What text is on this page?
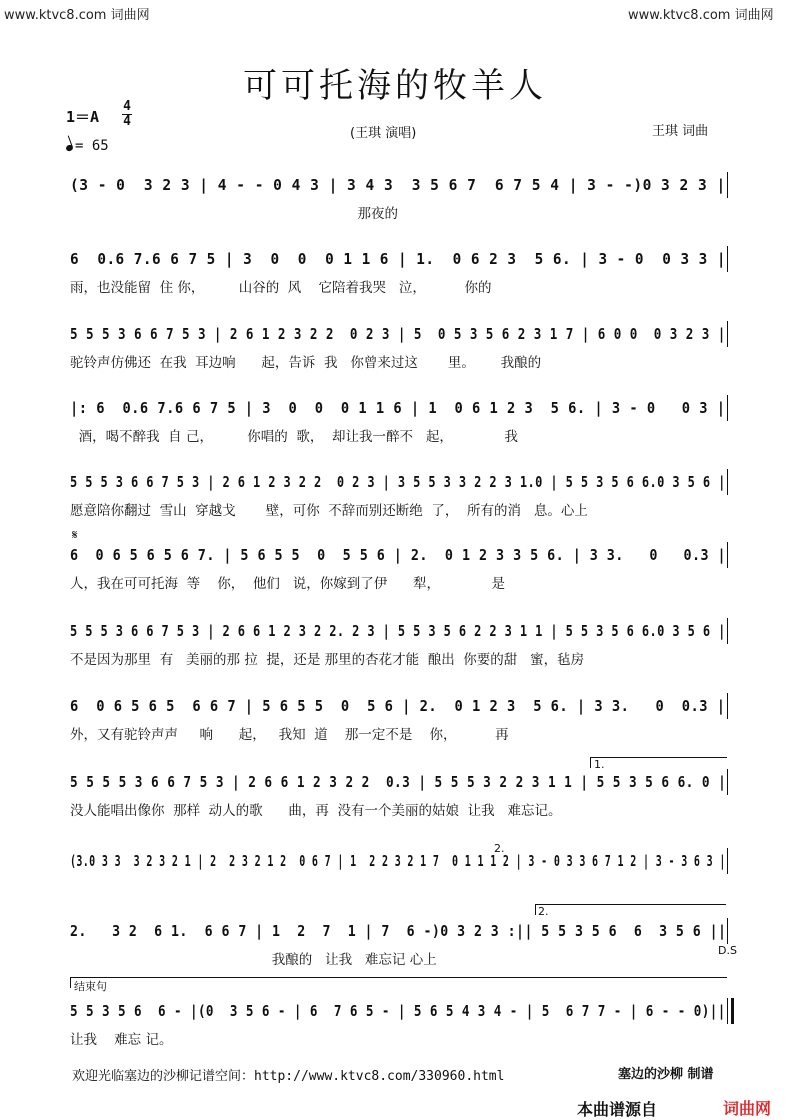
www.ktvc8.com 词曲网	www.ktvc8.com 词曲网
可可托海的牧羊人
1＝A
4
4
= 65
(王琪 演唱)	王琪 词曲
(3 - 0  3 2 3 | 4 - - 0 4 3 | 3 4 3  3 5 6 7  6 7 5 4 | 3 - -)0 3 2 3 |
那夜的
6  0.6 7.6 6 7 5 | 3  0  0  0 1 1 6 | 1.  0 6 2 3  5 6. | 3 - 0  0 3 3 |
雨，也没能留  住 你，        山谷的  风    它陪着我哭   泣，         你的
5 5 5 3 6 6 7 5 3 | 2 6 1 2 3 2 2  0 2 3 | 5  0 5 3 5 6 2 3 1 7 | 6 0 0  0 3 2 3 |
驼铃声仿佛还  在我  耳边响      起，告诉  我   你曾来过这       里。      我酿的
|: 6  0.6 7.6 6 7 5 | 3  0  0  0 1 1 6 | 1  0 6 1 2 3  5 6. | 3 - 0   0 3 |
酒，喝不醉我  自 己，        你唱的  歌，  却让我一醉不   起，            我
5 5 5 3 6 6 7 5 3 | 2 6 1 2 3 2 2  0 2 3 | 3 5 5 3 3 2 2 3 1.0 | 5 5 3 5 6 6.0 3 5 6 |
愿意陪你翻过  雪山  穿越戈       壁，可你  不辞而别还断绝  了，  所有的消   息。心上
6  0 6 5 6 5 6 7. | 5 6 5 5  0  5 5 6 | 2.  0 1 2 3 3 5 6. | 3 3.   0   0.3 |
人，我在可可托海  等    你，  他们   说，你嫁到了伊      犁，            是
5 5 5 3 6 6 7 5 3 | 2 6 6 1 2 3 2 2. 2 3 | 5 5 3 5 6 2 2 3 1 1 | 5 5 3 5 6 6.0 3 5 6 |
不是因为那里  有   美丽的那 拉  提，还是 那里的杏花才能  酿出  你要的甜   蜜，毡房
6  0 6 5 6 5  6 6 7 | 5 6 5 5  0  5 6 | 2.  0 1 2 3  5 6. | 3 3.   0  0.3 |
外，又有驼铃声声     响      起，   我知  道    那一定不是    你，         再
5 5 5 5 3 6 6 7 5 3 | 2 6 6 1 2 3 2 2  0.3 | 5 5 5 3 2 2 3 1 1 | 5 5 3 5 6 6. 0 |
没人能唱出像你  那样  动人的歌      曲，再  没有一个美丽的姑娘  让我   难忘记。
(3.0 3 3  3 2 3 2 1 | 2  2 3 2 1 2  0 6 7 | 1  2 2 3 2 1 7  0 1 1 1 2 | 3 - 0 3 3 6 7 1 2 | 3 - 3 6 3 |
2.   3 2  6 1.  6 6 7 | 1  2  7  1 | 7  6 -)0 3 2 3 :|| 5 5 3 5 6  6  3 5 6 ||
我酿的   让我   难忘记 心上
5 5 3 5 6  6 - |(0  3 5 6 - | 6  7 6 5 - | 5 6 5 4 3 4 - | 5  6 7 7 - | 6 - - 0)||
让我    难忘 记。
1.
2.
2.
𝄋
D.S
结束句
欢迎光临塞边的沙柳记谱空间：http://www.ktvc8.com/330960.html	塞边的沙柳 制谱
本曲谱源自	词曲网
